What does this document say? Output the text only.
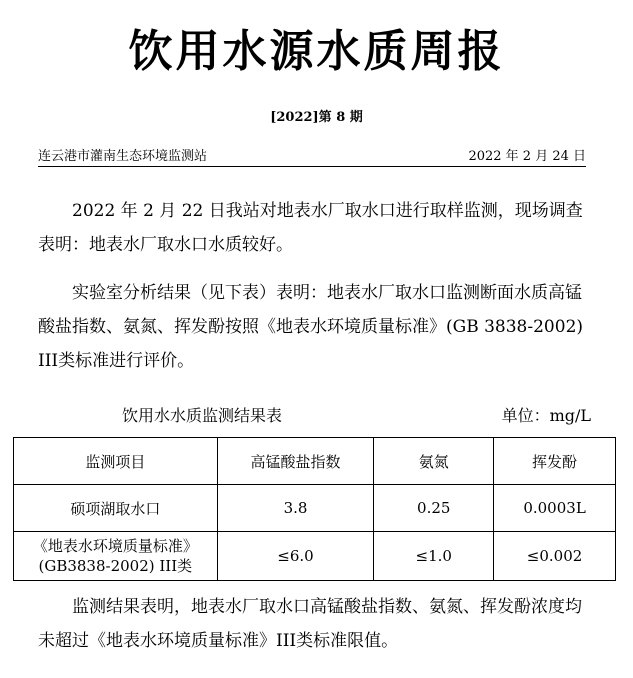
饮用水源水质周报
[2022]第 8 期
连云港市灌南生态环境监测站	2022 年 2 月 24 日

2022 年 2 月 22 日我站对地表水厂取水口进行取样监测，现场调查表明：地表水厂取水口水质较好。

实验室分析结果（见下表）表明：地表水厂取水口监测断面水质高锰酸盐指数、氨氮、挥发酚按照《地表水环境质量标准》(GB 3838-2002) III类标准进行评价。

饮用水水质监测结果表	单位：mg/L
监测项目	高锰酸盐指数	氨氮	挥发酚
硕项湖取水口	3.8	0.25	0.0003L

《地表水环境质量标准》
(GB3838-2002) III类	≤6.0	≤1.0	≤0.002

监测结果表明，地表水厂取水口高锰酸盐指数、氨氮、挥发酚浓度均未超过《地表水环境质量标准》III类标准限值。
